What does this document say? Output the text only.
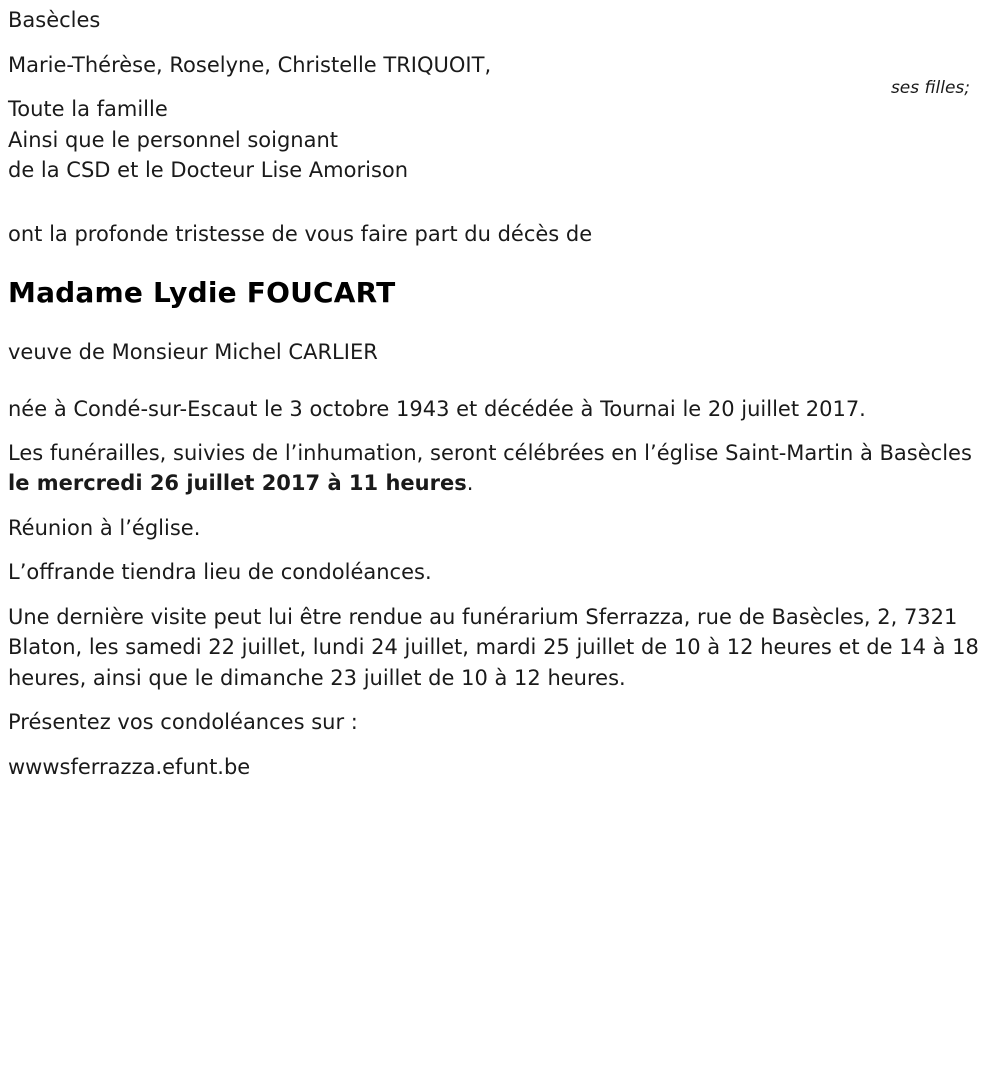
Basècles
Marie-Thérèse, Roselyne, Christelle TRIQUOIT,
ses filles;
Toute la famille
Ainsi que le personnel soignant
de la CSD et le Docteur Lise Amorison
ont la profonde tristesse de vous faire part du décès de
Madame Lydie FOUCART
veuve de Monsieur Michel CARLIER
née à Condé-sur-Escaut le 3 octobre 1943 et décédée à Tournai le 20 juillet 2017.
Les funérailles, suivies de l’inhumation, seront célébrées en l’église Saint-Martin à Basècles le mercredi 26 juillet 2017 à 11 heures.
Réunion à l’église.
L’offrande tiendra lieu de condoléances.
Une dernière visite peut lui être rendue au funérarium Sferrazza, rue de Basècles, 2, 7321 Blaton, les samedi 22 juillet, lundi 24 juillet, mardi 25 juillet de 10 à 12 heures et de 14 à 18 heures, ainsi que le dimanche 23 juillet de 10 à 12 heures.
Présentez vos condoléances sur :
wwwsferrazza.efunt.be
